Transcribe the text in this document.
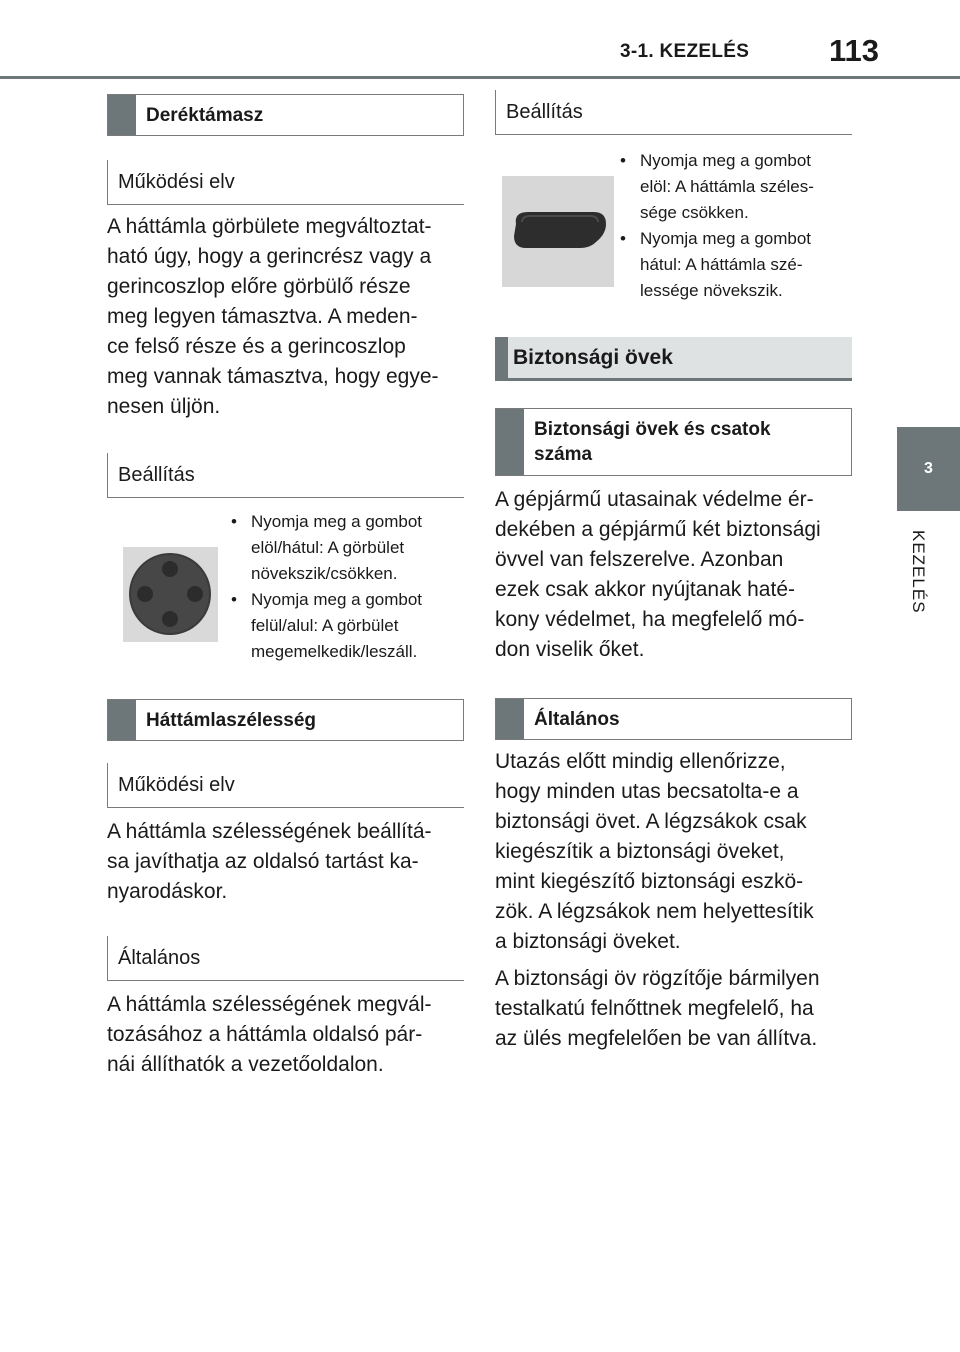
3-1. KEZELÉS	113
3
KEZELÉS
Deréktámasz
Működési elv
A háttámla görbülete megváltoztat-
ható úgy, hogy a gerincrész vagy a
gerincoszlop előre görbülő része
meg legyen támasztva. A meden-
ce felső része és a gerincoszlop
meg vannak támasztva, hogy egye-
nesen üljön.
Beállítás
• Nyomja meg a gombot
elöl/hátul: A görbület
növekszik/csökken.
• Nyomja meg a gombot
felül/alul: A görbület
megemelkedik/leszáll.
Háttámlaszélesség
Működési elv
A háttámla szélességének beállítá-
sa javíthatja az oldalsó tartást ka-
nyarodáskor.
Általános
A háttámla szélességének megvál-
tozásához a háttámla oldalsó pár-
nái állíthatók a vezetőoldalon.
Beállítás
• Nyomja meg a gombot
elöl: A háttámla széles-
sége csökken.
• Nyomja meg a gombot
hátul: A háttámla szé-
lessége növekszik.
Biztonsági övek
Biztonsági övek és csatok
száma
A gépjármű utasainak védelme ér-
dekében a gépjármű két biztonsági
övvel van felszerelve. Azonban
ezek csak akkor nyújtanak haté-
kony védelmet, ha megfelelő mó-
don viselik őket.
Általános
Utazás előtt mindig ellenőrizze,
hogy minden utas becsatolta-e a
biztonsági övet. A légzsákok csak
kiegészítik a biztonsági öveket,
mint kiegészítő biztonsági eszkö-
zök. A légzsákok nem helyettesítik
a biztonsági öveket.
A biztonsági öv rögzítője bármilyen
testalkatú felnőttnek megfelelő, ha
az ülés megfelelően be van állítva.
